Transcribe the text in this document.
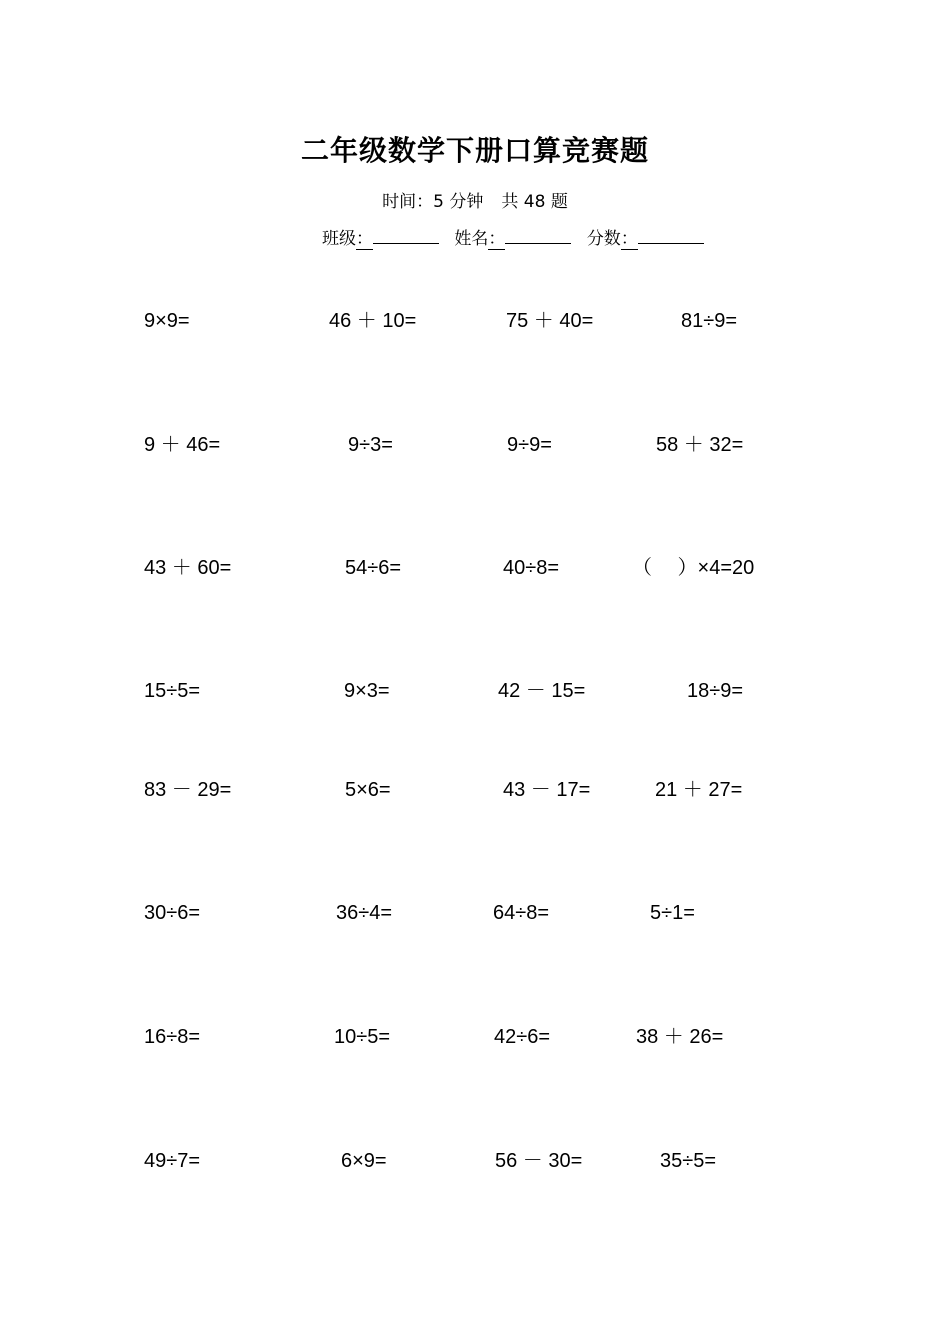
二年级数学下册口算竞赛题
时间：5 分钟 共 48 题
班级：	姓名：	分数：
9×9=	46 ＋ 10=	75 ＋ 40=	81÷9=
9 ＋ 46=	9÷3=	9÷9=	58 ＋ 32=
43 ＋ 60=	54÷6=	40÷8=	（　 ）×4=20
15÷5=	9×3=	42 － 15=	18÷9=
83 － 29=	5×6=	43 － 17=	21 ＋ 27=
30÷6=	36÷4=	64÷8=	5÷1=
16÷8=	10÷5=	42÷6=	38 ＋ 26=
49÷7=	6×9=	56 － 30=	35÷5=
